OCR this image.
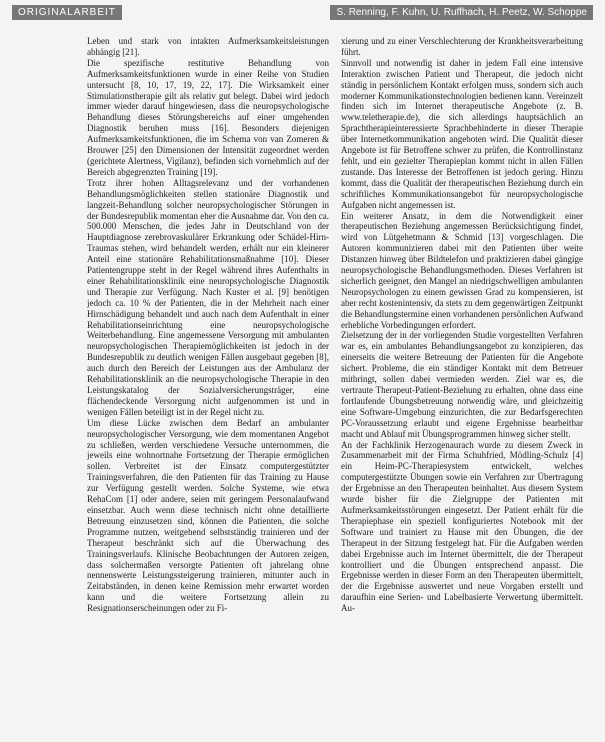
ORIGINALARBEIT	S. Renning, F. Kuhn, U. Ruffhach, H. Peetz, W. Schoppe

Leben und stark von intakten Aufmerksamkeitsleistungen abhängig [21].

Die spezifische restitutive Behandlung von Aufmerksamkeitsfunktionen wurde in einer Reihe von Studien untersucht [8, 10, 17, 19, 22, 17]. Die Wirksamkeit einer Stimulationstherapie gilt als relativ gut belegt. Dabei wird jedoch immer wieder darauf hingewiesen, dass die neuropsychologische Behandlung dieses Störungsbereichs auf einer umgehenden Diagnostik beruhen muss [16]. Besonders diejenigen Aufmerksamkeitsfunktionen, die im Schema von van Zomeren & Brouwer [25] den Dimensionen der Intensität zugeordnet werden (gerichtete Alertness, Vigilanz), befinden sich vornehmlich auf der Bereich abgegrenzten Training [19].

Trotz ihrer hohen Alltagsrelevanz und der vorhandenen Behandlungsmöglichkeiten stellen stationäre Diagnostik und langzeit-Behandlung solcher neuropsychologischer Störungen in der Bundesrepublik momentan eher die Ausnahme dar. Von den ca. 500.000 Menschen, die jedes Jahr in Deutschland von der Hauptdiagnose zerebrovaskulärer Erkrankung oder Schädel-Hirn-Traumas stehen, wird behandelt werden, erhält nur ein kleinerer Anteil eine stationäre Rehabilitationsmaßnahme [10]. Dieser Patientengruppe steht in der Regel während ihres Aufenthalts in einer Rehabilitationsklinik eine neuropsychologische Diagnostik und Therapie zur Verfügung. Nach Kuster et al. [9] benötigen jedoch ca. 10 % der Patienten, die in der Mehrheit nach einer Hirnschädigung behandelt und auch nach dem Aufenthalt in einer Rehabilitationseinrichtung eine neuropsychologische Weiterbehandlung. Eine angemessene Versorgung mit ambulanten neuropsychologischen Therapiemöglichkeiten ist jedoch in der Bundesrepublik zu deutlich wenigen Fällen ausgebaut gegeben [8], auch durch den Bereich der Leistungen aus der Ambulanz der Rehabilitationsklinik an die neuropsychologische Therapie in den Leistungskatalog der Sozialversicherungsträger, eine flächendeckende Versorgung nicht aufgenommen ist und in wenigen Fällen beteiligt ist in der Regel nicht zu.

Um diese Lücke zwischen dem Bedarf an ambulanter neuropsychologischer Versorgung, wie dem momentanen Angebot zu schließen, werden verschiedene Versuche unternommen, die jeweils eine wohnortnahe Fortsetzung der Therapie ermöglichen sollen. Verbreitet ist der Einsatz computergestützter Trainingsverfahren, die den Patienten für das Training zu Hause zur Verfügung gestellt werden. Solche Systeme, wie etwa RehaCom [1] oder andere, seien mit geringem Personalaufwand einsetzbar. Auch wenn diese technisch nicht ohne detaillierte Betreuung einzusetzen sind, können die Patienten, die solche Programme nutzen, weitgehend selbstständig trainieren und der Therapeut beschränkt sich auf die Überwachung des Trainingsverlaufs. Klinische Beobachtungen der Autoren zeigen, dass solchermaßen versorgte Patienten oft jahrelang ohne nennenswerte Leistungssteigerung trainieren, mitunter auch in Zeitabständen, in denen keine Remission mehr erwartet worden kann und die weitere Fortsetzung allein zu Resignationserscheinungen oder zu Fi-

xierung und zu einer Verschlechterung der Krankheitsverarbeitung führt.

Sinnvoll und notwendig ist daher in jedem Fall eine intensive Interaktion zwischen Patient und Therapeut, die jedoch nicht ständig in persönlichem Kontakt erfolgen muss, sondern sich auch moderner Kommunikationstechnologien bedienen kann. Vereinzelt finden sich im Internet therapeutische Angebote (z. B. www.teletherapie.de), die sich allerdings hauptsächlich an Sprachtherapieinteressierte Sprachbehinderte in dieser Therapie über Internetkommunikation angeboten wird. Die Qualität dieser Angebote ist für Betroffene schwer zu prüfen, die Kontrollinstanz fehlt, und ein gezielter Therapieplan kommt nicht in allen Fällen zustande. Das Interesse der Betroffenen ist jedoch gering. Hinzu kommt, dass die Qualität der therapeutischen Beziehung durch ein schriftliches Kommunikationsangebot für neuropsychologische Aufgaben nicht angemessen ist.

Ein weiterer Ansatz, in dem die Notwendigkeit einer therapeutischen Beziehung angemessen Berücksichtigung findet, wird von Lütgehetmann & Schmid [13] vorgeschlagen. Die Autoren kommunizieren dabei mit den Patienten über weite Distanzen hinweg über Bildtelefon und praktizieren dabei gängige neuropsychologische Behandlungsmethoden. Dieses Verfahren ist sicherlich geeignet, den Mangel an niedrigschwelligen ambulanten Neuropsychologen zu einem gewissen Grad zu kompensieren, ist aber recht kostenintensiv, da stets zu dem gegenwärtigen Zeitpunkt die Behandlungstermine einen vorhandenen persönlichen Aufwand erhebliche Vorbedingungen erfordert.

Zielsetzung der in der vorliegenden Studie vorgestellten Verfahren war es, ein ambulantes Behandlungsangebot zu konzipieren, das einerseits die weitere Betreuung der Patienten für die Angebote sichert. Probleme, die ein ständiger Kontakt mit dem Betreuer mitbringt, sollen dabei vermieden werden. Ziel war es, die vertraute Therapeut-Patient-Beziehung zu erhalten, ohne dass eine fortlaufende Übungsbetreuung notwendig wäre, und gleichzeitig eine Software-Umgebung einzurichten, die zur Bedarfsgerechten PC-Voraussetzung erlaubt und eigene Ergebnisse bearbeitbar macht und Ablauf mit Übungsprogrammen hinweg sicher stellt.

An der Fachklinik Herzogenaurach wurde zu diesem Zweck in Zusammenarbeit mit der Firma Schuhfried, Mödling-Schulz [4] ein Heim-PC-Therapiesystem entwickelt, welches computergestützte Übungen sowie ein Verfahren zur Übertragung der Ergebnisse an den Therapeuten beinhaltet. Aus diesem System wurde bisher für die Zielgruppe der Patienten mit Aufmerksamkeitsstörungen eingesetzt. Der Patient erhält für die Therapiephase ein speziell konfiguriertes Notebook mit der Software und trainiert zu Hause mit den Übungen, die der Therapeut in der Sitzung festgelegt hat. Für die Aufgaben werden dabei Ergebnisse auch im Internet übermittelt, die der Therapeut kontrolliert und die Übungen entsprechend anpasst. Die Ergebnisse werden in dieser Form an den Therapeuten übermittelt, der die Ergebnisse auswertet und neue Vorgaben erstellt und daraufhin eine Serien- und Labelbasierte Verwertung übermittelt. Au-
